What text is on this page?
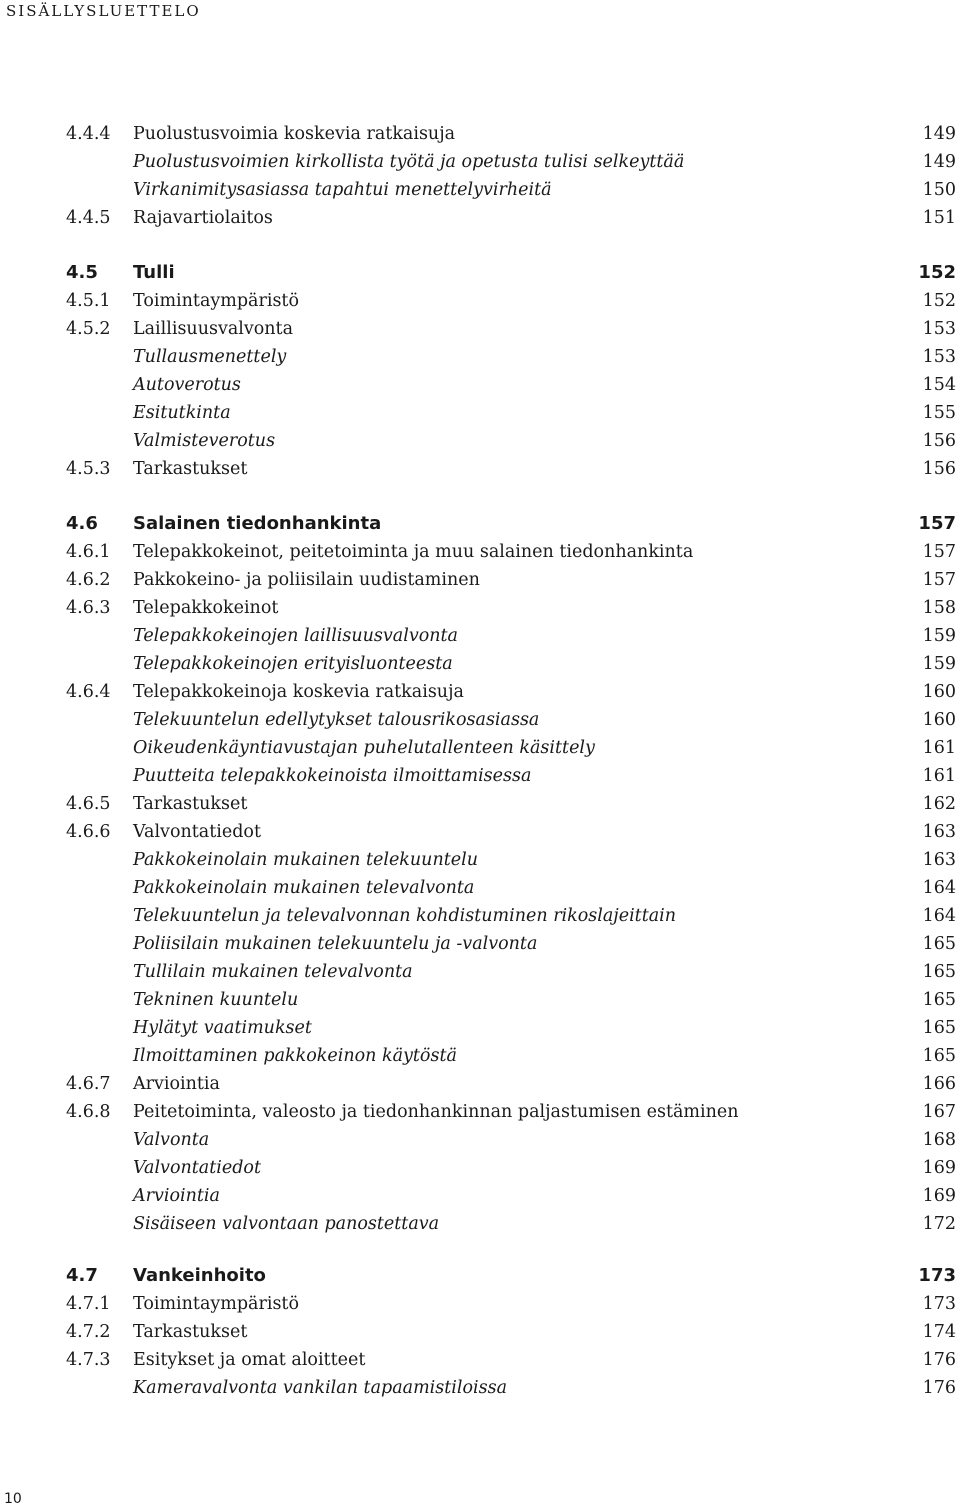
SISÄLLYSLUETTELO
4.4.4 Puolustusvoimia koskevia ratkaisuja	149
Puolustusvoimien kirkollista työtä ja opetusta tulisi selkeyttää	149
Virkanimitysasiassa tapahtui menettelyvirheitä	150
4.4.5 Rajavartiolaitos	151
4.5 Tulli	152
4.5.1 Toimintaympäristö	152
4.5.2 Laillisuusvalvonta	153
Tullausmenettely	153
Autoverotus	154
Esitutkinta	155
Valmisteverotus	156
4.5.3 Tarkastukset	156
4.6 Salainen tiedonhankinta	157
4.6.1 Telepakkokeinot, peitetoiminta ja muu salainen tiedonhankinta	157
4.6.2 Pakkokeino- ja poliisilain uudistaminen	157
4.6.3 Telepakkokeinot	158
Telepakkokeinojen laillisuusvalvonta	159
Telepakkokeinojen erityisluonteesta	159
4.6.4 Telepakkokeinoja koskevia ratkaisuja	160
Telekuuntelun edellytykset talousrikosasiassa	160
Oikeudenkäyntiavustajan puhelutallenteen käsittely	161
Puutteita telepakkokeinoista ilmoittamisessa	161
4.6.5 Tarkastukset	162
4.6.6 Valvontatiedot	163
Pakkokeinolain mukainen telekuuntelu	163
Pakkokeinolain mukainen televalvonta	164
Telekuuntelun ja televalvonnan kohdistuminen rikoslajeittain	164
Poliisilain mukainen telekuuntelu ja -valvonta	165
Tullilain mukainen televalvonta	165
Tekninen kuuntelu	165
Hylätyt vaatimukset	165
Ilmoittaminen pakkokeinon käytöstä	165
4.6.7 Arviointia	166
4.6.8 Peitetoiminta, valeosto ja tiedonhankinnan paljastumisen estäminen	167
Valvonta	168
Valvontatiedot	169
Arviointia	169
Sisäiseen valvontaan panostettava	172
4.7 Vankeinhoito	173
4.7.1 Toimintaympäristö	173
4.7.2 Tarkastukset	174
4.7.3 Esitykset ja omat aloitteet	176
Kameravalvonta vankilan tapaamistiloissa	176
10
